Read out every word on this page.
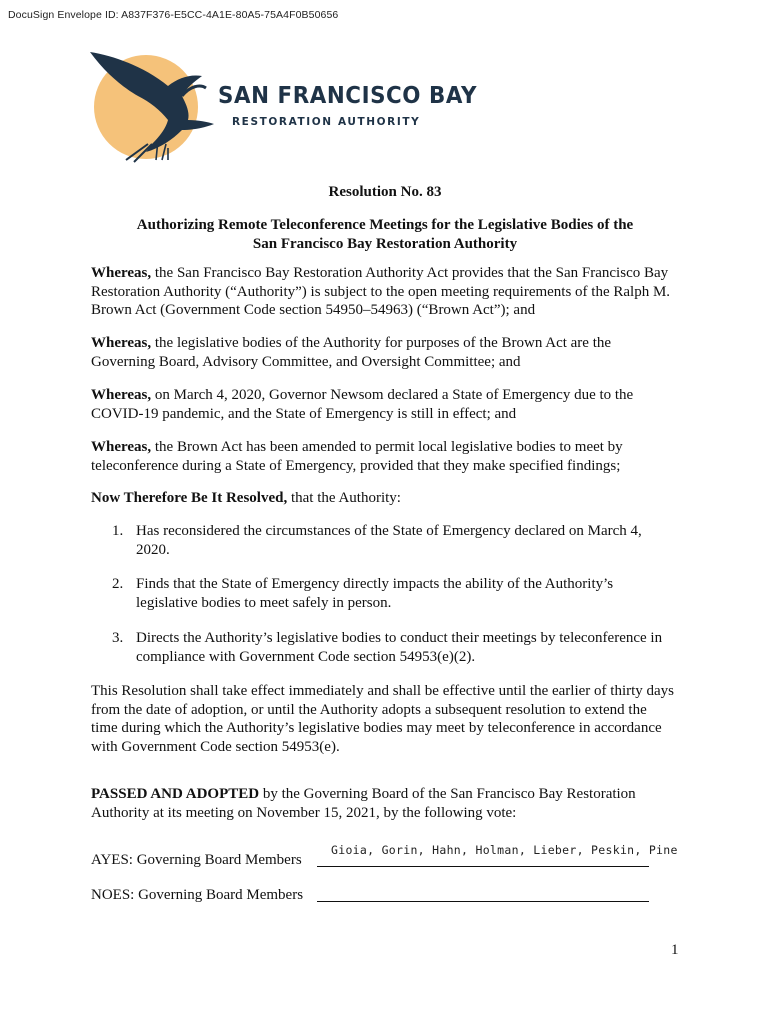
DocuSign Envelope ID: A837F376-E5CC-4A1E-80A5-75A4F0B50656
SAN FRANCISCO BAY
RESTORATION AUTHORITY
Resolution No. 83
Authorizing Remote Teleconference Meetings for the Legislative Bodies of the
San Francisco Bay Restoration Authority
Whereas, the San Francisco Bay Restoration Authority Act provides that the San Francisco Bay
Restoration Authority (“Authority”) is subject to the open meeting requirements of the Ralph M.
Brown Act (Government Code section 54950–54963) (“Brown Act”); and
Whereas, the legislative bodies of the Authority for purposes of the Brown Act are the
Governing Board, Advisory Committee, and Oversight Committee; and
Whereas, on March 4, 2020, Governor Newsom declared a State of Emergency due to the
COVID-19 pandemic, and the State of Emergency is still in effect; and
Whereas, the Brown Act has been amended to permit local legislative bodies to meet by
teleconference during a State of Emergency, provided that they make specified findings;
Now Therefore Be It Resolved, that the Authority:
1. Has reconsidered the circumstances of the State of Emergency declared on March 4,
2020.
2. Finds that the State of Emergency directly impacts the ability of the Authority’s
legislative bodies to meet safely in person.
3. Directs the Authority’s legislative bodies to conduct their meetings by teleconference in
compliance with Government Code section 54953(e)(2).
This Resolution shall take effect immediately and shall be effective until the earlier of thirty days
from the date of adoption, or until the Authority adopts a subsequent resolution to extend the
time during which the Authority’s legislative bodies may meet by teleconference in accordance
with Government Code section 54953(e).
PASSED AND ADOPTED by the Governing Board of the San Francisco Bay Restoration
Authority at its meeting on November 15, 2021, by the following vote:
AYES: Governing Board Members
Gioia, Gorin, Hahn, Holman, Lieber, Peskin, Pine
NOES: Governing Board Members
1
